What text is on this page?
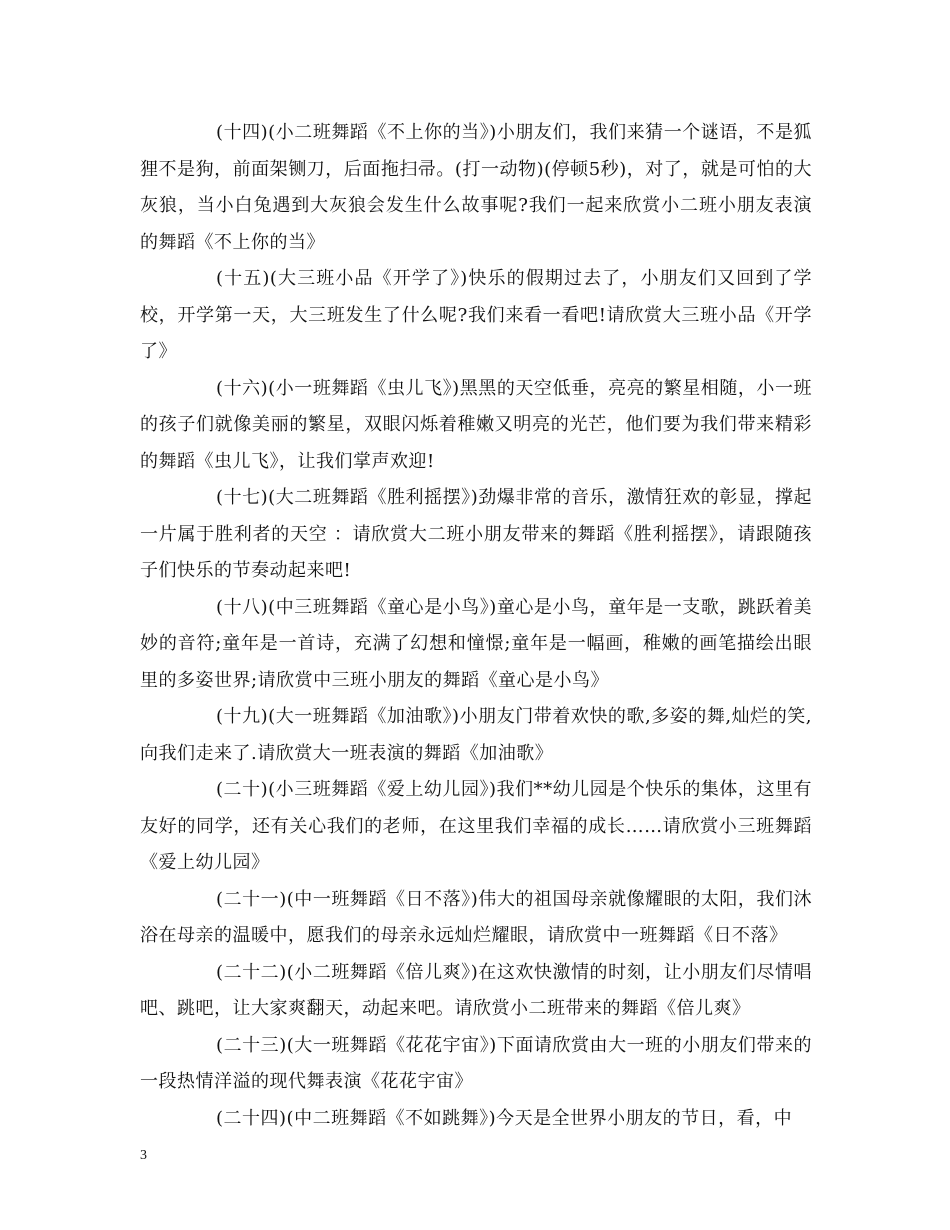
(十四)(小二班舞蹈《不上你的当》)小朋友们，我们来猜一个谜语，不是狐狸不是狗，前面架铡刀，后面拖扫帚。(打一动物)(停顿5秒)，对了，就是可怕的大灰狼，当小白兔遇到大灰狼会发生什么故事呢?我们一起来欣赏小二班小朋友表演的舞蹈《不上你的当》

(十五)(大三班小品《开学了》)快乐的假期过去了，小朋友们又回到了学校，开学第一天，大三班发生了什么呢?我们来看一看吧!请欣赏大三班小品《开学了》

(十六)(小一班舞蹈《虫儿飞》)黑黑的天空低垂，亮亮的繁星相随，小一班的孩子们就像美丽的繁星，双眼闪烁着稚嫩又明亮的光芒，他们要为我们带来精彩的舞蹈《虫儿飞》，让我们掌声欢迎!

(十七)(大二班舞蹈《胜利摇摆》)劲爆非常的音乐，激情狂欢的彰显，撑起一片属于胜利者的天空 ：请欣赏大二班小朋友带来的舞蹈《胜利摇摆》，请跟随孩子们快乐的节奏动起来吧!

(十八)(中三班舞蹈《童心是小鸟》)童心是小鸟，童年是一支歌，跳跃着美妙的音符;童年是一首诗，充满了幻想和憧憬;童年是一幅画，稚嫩的画笔描绘出眼里的多姿世界;请欣赏中三班小朋友的舞蹈《童心是小鸟》

(十九)(大一班舞蹈《加油歌》)小朋友门带着欢快的歌,多姿的舞,灿烂的笑,向我们走来了.请欣赏大一班表演的舞蹈《加油歌》

(二十)(小三班舞蹈《爱上幼儿园》)我们**幼儿园是个快乐的集体，这里有友好的同学，还有关心我们的老师，在这里我们幸福的成长……请欣赏小三班舞蹈《爱上幼儿园》

(二十一)(中一班舞蹈《日不落》)伟大的祖国母亲就像耀眼的太阳，我们沐浴在母亲的温暖中，愿我们的母亲永远灿烂耀眼，请欣赏中一班舞蹈《日不落》

(二十二)(小二班舞蹈《倍儿爽》)在这欢快激情的时刻，让小朋友们尽情唱吧、跳吧，让大家爽翻天，动起来吧。请欣赏小二班带来的舞蹈《倍儿爽》

(二十三)(大一班舞蹈《花花宇宙》)下面请欣赏由大一班的小朋友们带来的一段热情洋溢的现代舞表演《花花宇宙》

(二十四)(中二班舞蹈《不如跳舞》)今天是全世界小朋友的节日，看，中

3
